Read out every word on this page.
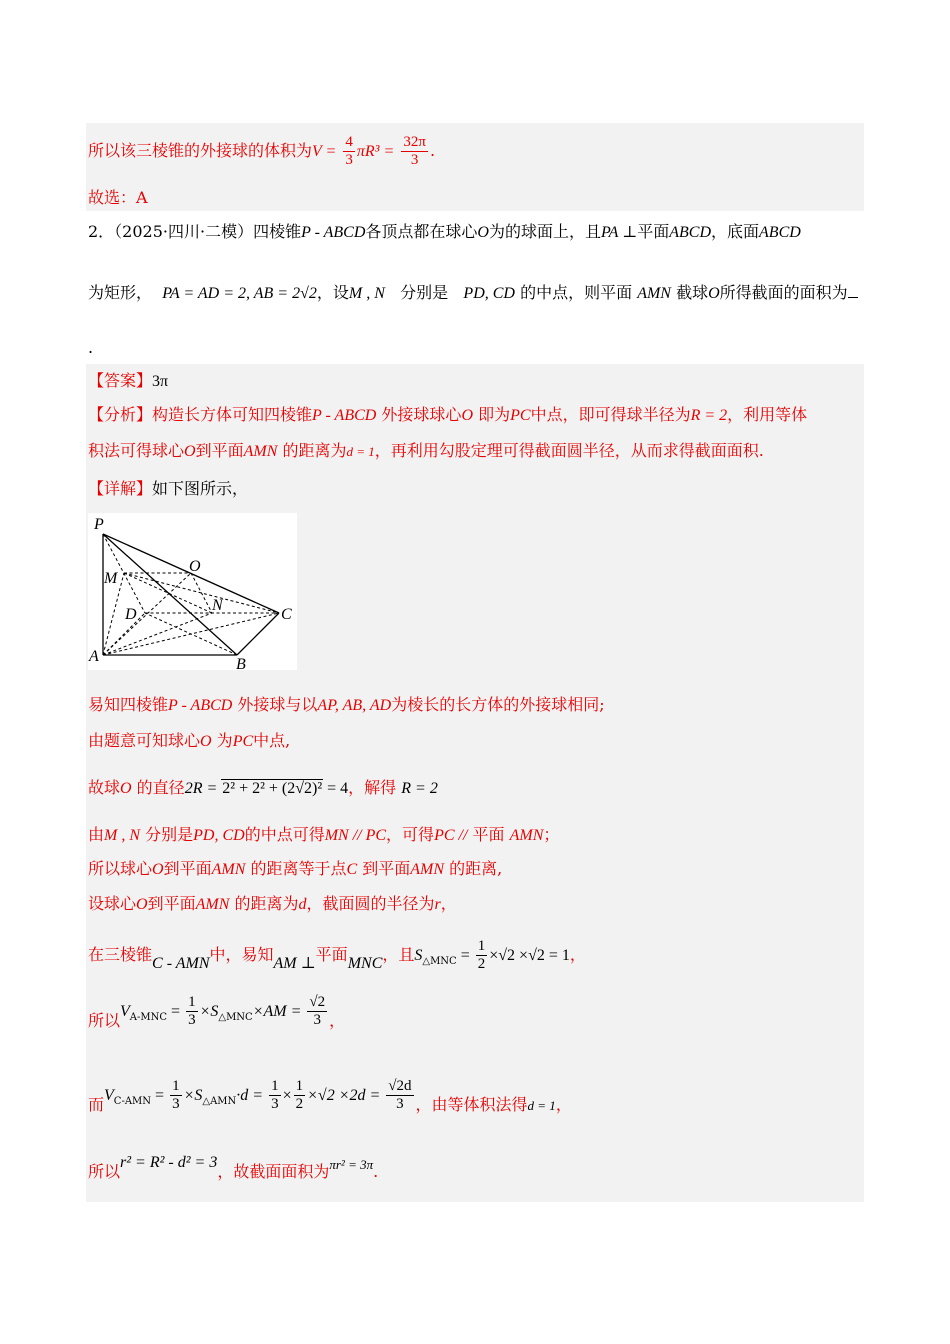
所以该三棱锥的外接球的体积为$V = \frac{4}{3} \pi R^3 = \frac{32\pi}{3}$ .
故选：A
2．（2025·四川·二模）四棱锥P - ABCD各顶点都在球心O为的球面上，且PA ⊥平面ABCD，底面ABCD
为矩形， PA = AD = 2, AB = 2√2，设M , N 分别是 PD, CD 的中点，则平面 AMN 截球O所得截面的面积为
.
【答案】3π
【分析】构造长方体可知四棱锥P - ABCD 外接球球心O 即为PC中点，即可得球半径为R = 2，利用等体
积法可得球心O到平面AMN 的距离为d = 1，再利用勾股定理可得截面圆半径，从而求得截面面积.
【详解】如下图所示，
P
O
M
N
D	C
A	B
易知四棱锥P - ABCD 外接球与以AP, AB, AD为棱长的长方体的外接球相同;
由题意可知球心O 为PC中点,
故球O 的直径2R = 2² + 2² + (2√2)² = 4，解得 R = 2
由M , N 分别是PD, CD的中点可得MN // PC，可得PC // 平面 AMN；
所以球心O到平面AMN 的距离等于点C 到平面AMN 的距离,
设球心O到平面AMN 的距离为d，截面圆的半径为r，
在三棱锥C - AMN中，易知AM ⊥平面MNC，且$S_{\triangle MNC} = \frac{1}{2} \times√2 \times√2 = 1$，
所以$V_{A-MNC} = \frac{1}{3} \times S_{\triangle MNC}\times AM = \frac{√2}{3}$ ，
而$V_{C-AMN} = \frac{1}{3} \times S_{\triangle AMN}\cdot d = \frac{1}{3} \times \frac{1}{2} \times√2 \times 2d = \frac{√2d}{3}$ ，由等体积法得d = 1，
所以r² = R² - d² = 3，故截面面积为$^{\pi r^2 = 3\pi}$.
